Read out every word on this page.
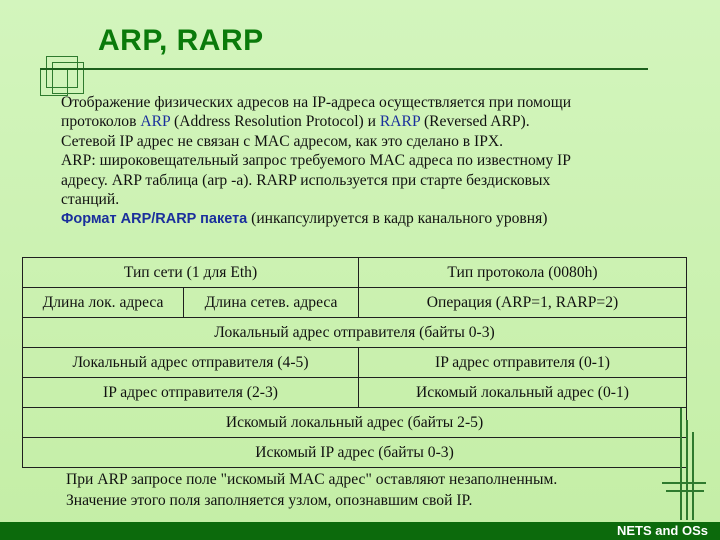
ARP, RARP

Отображение физических адресов на IP-адреса осуществляется при помощи

протоколов ARP (Address Resolution Protocol) и RARP (Reversed ARP).

Сетевой IP адрес не связан с MAC адресом, как это сделано в IPX.

ARP: широковещательный запрос требуемого MAC адреса по известному IP

адресу. ARP таблица (arp -a). RARP используется при старте бездисковых

станций.

Формат ARP/RARP пакета (инкапсулируется в кадр канального уровня)

Тип сети (1 для Eth)		Тип протокола (0080h)
Длина лок. адреса	Длина сетев. адреса	Операция (ARP=1, RARP=2)
Локальный адрес отправителя (байты 0-3)		
Локальный адрес отправителя (4-5)		IP адрес отправителя (0-1)
IP адрес отправителя (2-3)		Искомый локальный адрес (0-1)
Искомый локальный адрес (байты 2-5)		
Искомый IP адрес (байты 0-3)		

При ARP запросе поле "искомый MAC адрес" оставляют незаполненным.

Значение этого поля заполняется узлом, опознавшим свой IP.

NETS and OSs
